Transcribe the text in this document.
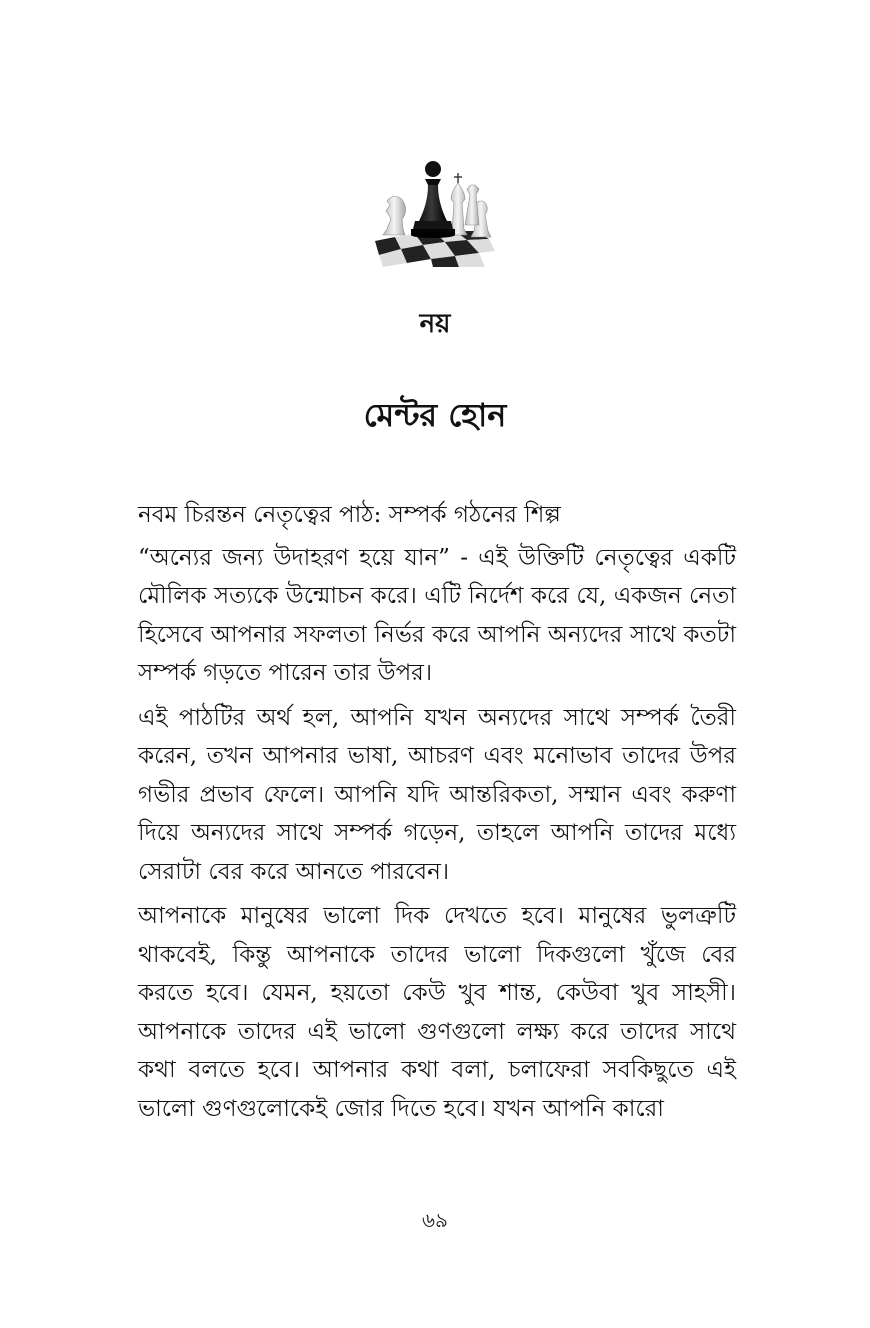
নয়
মেন্টর হোন

নবম চিরন্তন নেতৃত্বের পাঠ: সম্পর্ক গঠনের শিল্প

“অন্যের জন্য উদাহরণ হয়ে যান” - এই উক্তিটি নেতৃত্বের একটি মৌলিক সত্যকে উন্মোচন করে। এটি নির্দেশ করে যে, একজন নেতা হিসেবে আপনার সফলতা নির্ভর করে আপনি অন্যদের সাথে কতটা সম্পর্ক গড়তে পারেন তার উপর।

এই পাঠটির অর্থ হল, আপনি যখন অন্যদের সাথে সম্পর্ক তৈরী করেন, তখন আপনার ভাষা, আচরণ এবং মনোভাব তাদের উপর গভীর প্রভাব ফেলে। আপনি যদি আন্তরিকতা, সম্মান এবং করুণা দিয়ে অন্যদের সাথে সম্পর্ক গড়েন, তাহলে আপনি তাদের মধ্যে সেরাটা বের করে আনতে পারবেন।

আপনাকে মানুষের ভালো দিক দেখতে হবে। মানুষের ভুলত্রুটি থাকবেই, কিন্তু আপনাকে তাদের ভালো দিকগুলো খুঁজে বের করতে হবে। যেমন, হয়তো কেউ খুব শান্ত, কেউবা খুব সাহসী। আপনাকে তাদের এই ভালো গুণগুলো লক্ষ্য করে তাদের সাথে কথা বলতে হবে। আপনার কথা বলা, চলাফেরা সবকিছুতে এই ভালো গুণগুলোকেই জোর দিতে হবে। যখন আপনি কারো

৬৯
